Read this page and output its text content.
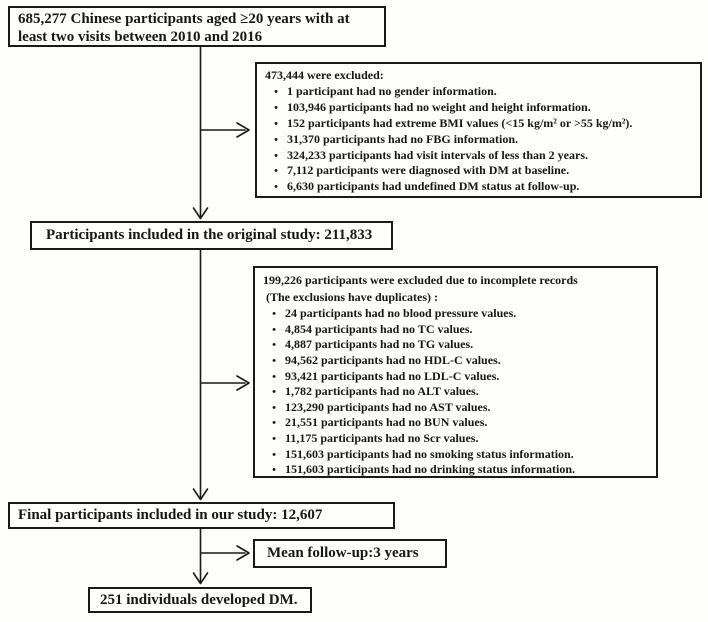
685,277 Chinese participants aged ≥20 years with at
least two visits between 2010 and 2016
473,444 were excluded:
•
1 participant had no gender information.
•
103,946 participants had no weight and height information.
•
152 participants had extreme BMI values (<15 kg/m² or >55 kg/m²).
•
31,370 participants had no FBG information.
•
324,233 participants had visit intervals of less than 2 years.
•
7,112 participants were diagnosed with DM at baseline.
•
6,630 participants had undefined DM status at follow-up.
Participants included in the original study: 211,833
199,226 participants were excluded due to incomplete records
(The exclusions have duplicates) :
•
24 participants had no blood pressure values.
•
4,854 participants had no TC values.
•
4,887 participants had no TG values.
•
94,562 participants had no HDL-C values.
•
93,421 participants had no LDL-C values.
•
1,782 participants had no ALT values.
•
123,290 participants had no AST values.
•
21,551 participants had no BUN values.
•
11,175 participants had no Scr values.
•
151,603 participants had no smoking status information.
•
151,603 participants had no drinking status information.
Final participants included in our study: 12,607
Mean follow-up:3 years
251 individuals developed DM.
